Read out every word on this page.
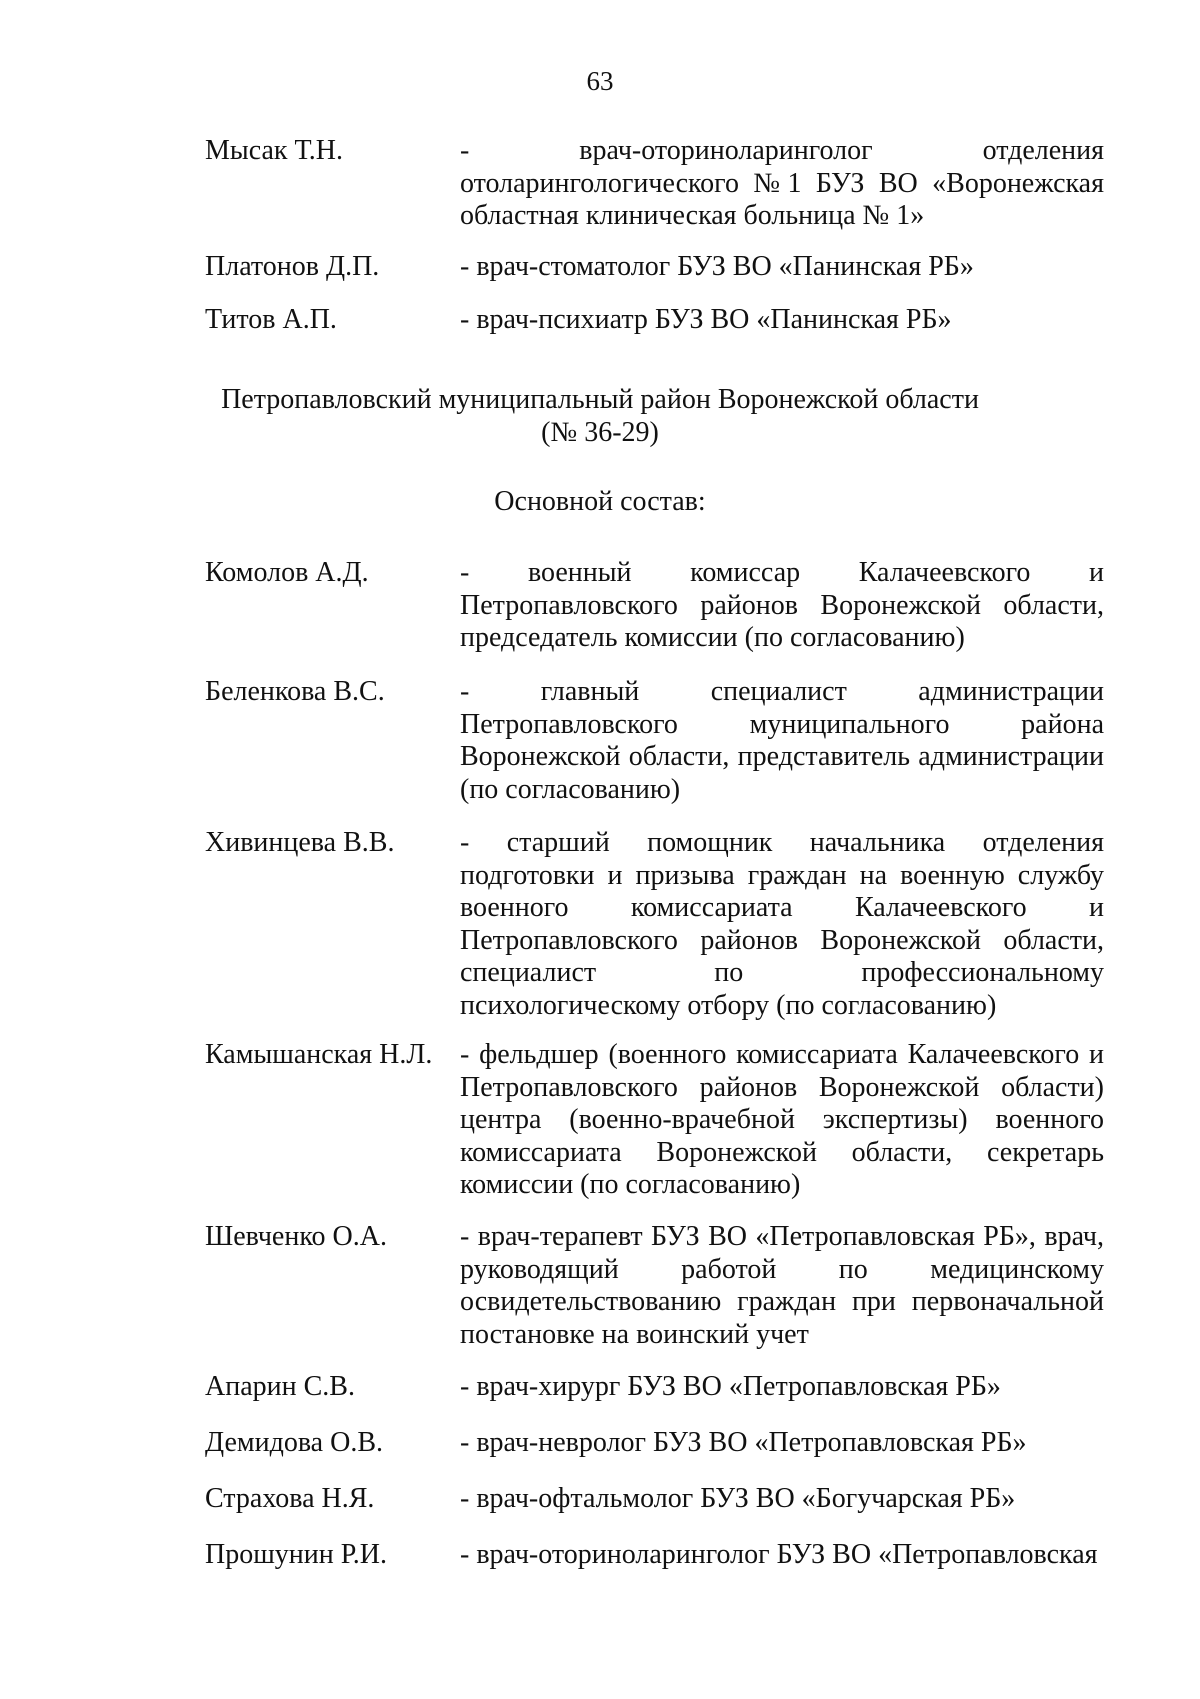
63
Мысак Т.Н.	- врач-оториноларинголог отделения отоларингологического №1 БУЗ ВО «Воронежская областная клиническая больница № 1»
Платонов Д.П.	- врач-стоматолог БУЗ ВО «Панинская РБ»
Титов А.П.	- врач-психиатр БУЗ ВО «Панинская РБ»
Петропавловский муниципальный район Воронежской области
(№ 36-29)
Основной состав:
Комолов А.Д.	- военный комиссар Калачеевского и Петропавловского районов Воронежской области, председатель комиссии (по согласованию)
Беленкова В.С.	- главный специалист администрации Петропавловского муниципального района Воронежской области, представитель администрации (по согласованию)
Хивинцева В.В. - старший помощник начальника отделения подготовки и призыва граждан на военную службу военного комиссариата Калачеевского и Петропавловского районов Воронежской области, специалист по профессиональному психологическому отбору (по согласованию)
Камышанская Н.Л. - фельдшер (военного комиссариата Калачеевского и Петропавловского районов Воронежской области) центра (военно-врачебной экспертизы) военного комиссариата Воронежской области, секретарь комиссии (по согласованию)
Шевченко О.А.	- врач-терапевт БУЗ ВО «Петропавловская РБ», врач, руководящий работой по медицинскому освидетельствованию граждан при первоначальной постановке на воинский учет
Апарин С.В.	- врач-хирург БУЗ ВО «Петропавловская РБ»
Демидова О.В.	- врач-невролог БУЗ ВО «Петропавловская РБ»
Страхова Н.Я.	- врач-офтальмолог БУЗ ВО «Богучарская РБ»
Прошунин Р.И.	- врач-оториноларинголог БУЗ ВО «Петропавловская
